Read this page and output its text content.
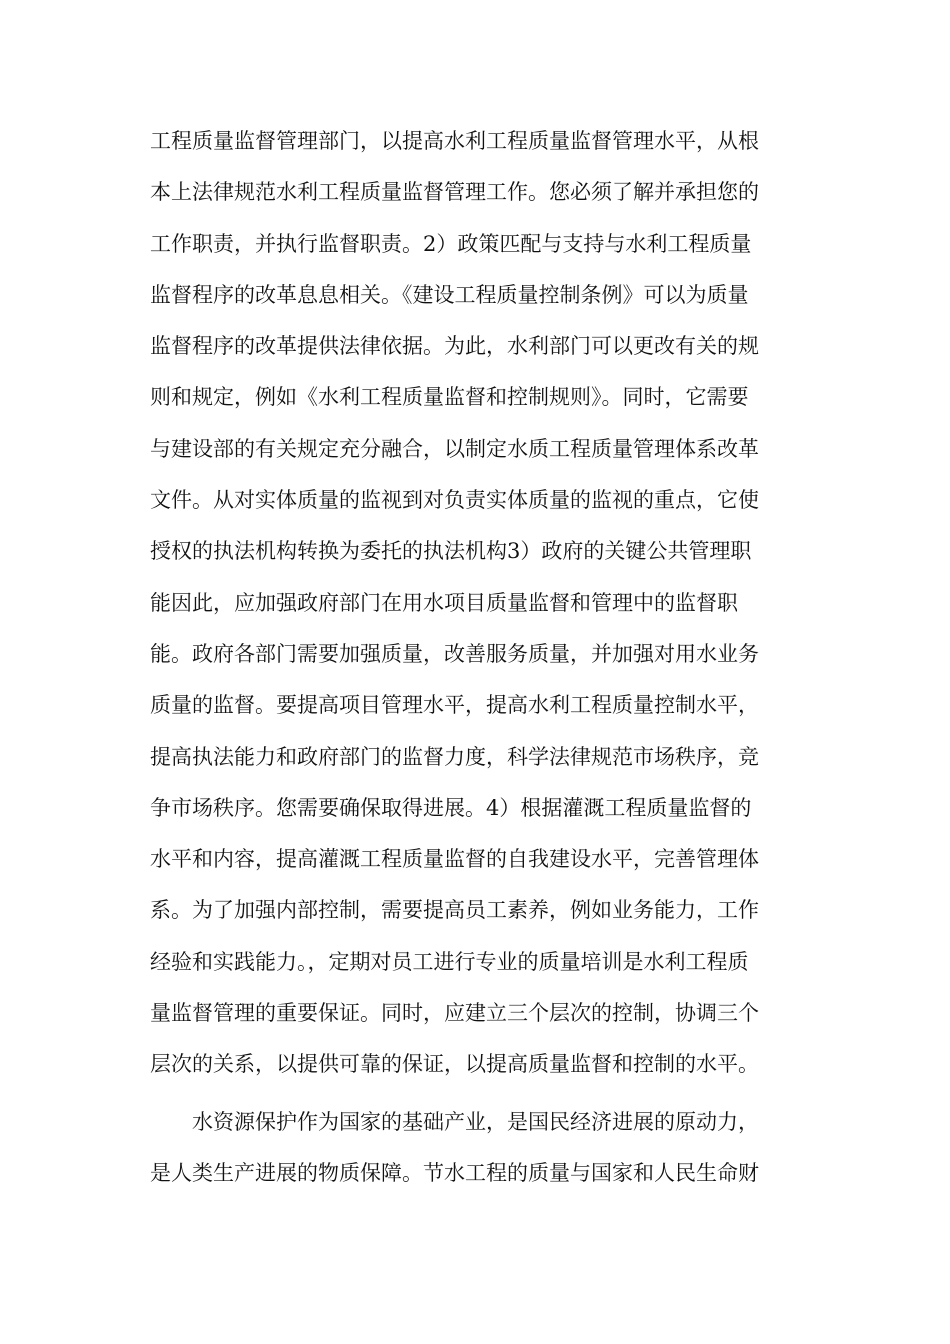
工程质量监督管理部门，以提高水利工程质量监督管理水平，从根
本上法律规范水利工程质量监督管理工作。您必须了解并承担您的
工作职责，并执行监督职责。2）政策匹配与支持与水利工程质量
监督程序的改革息息相关。《建设工程质量控制条例》可以为质量
监督程序的改革提供法律依据。为此，水利部门可以更改有关的规
则和规定，例如《水利工程质量监督和控制规则》。同时，它需要
与建设部的有关规定充分融合，以制定水质工程质量管理体系改革
文件。从对实体质量的监视到对负责实体质量的监视的重点，它使
授权的执法机构转换为委托的执法机构3）政府的关键公共管理职
能因此，应加强政府部门在用水项目质量监督和管理中的监督职
能。政府各部门需要加强质量，改善服务质量，并加强对用水业务
质量的监督。要提高项目管理水平，提高水利工程质量控制水平，
提高执法能力和政府部门的监督力度，科学法律规范市场秩序，竞
争市场秩序。您需要确保取得进展。4）根据灌溉工程质量监督的
水平和内容，提高灌溉工程质量监督的自我建设水平，完善管理体
系。为了加强内部控制，需要提高员工素养，例如业务能力，工作
经验和实践能力。，定期对员工进行专业的质量培训是水利工程质
量监督管理的重要保证。同时，应建立三个层次的控制，协调三个
层次的关系，以提供可靠的保证，以提高质量监督和控制的水平。
　　水资源保护作为国家的基础产业，是国民经济进展的原动力，
是人类生产进展的物质保障。节水工程的质量与国家和人民生命财
